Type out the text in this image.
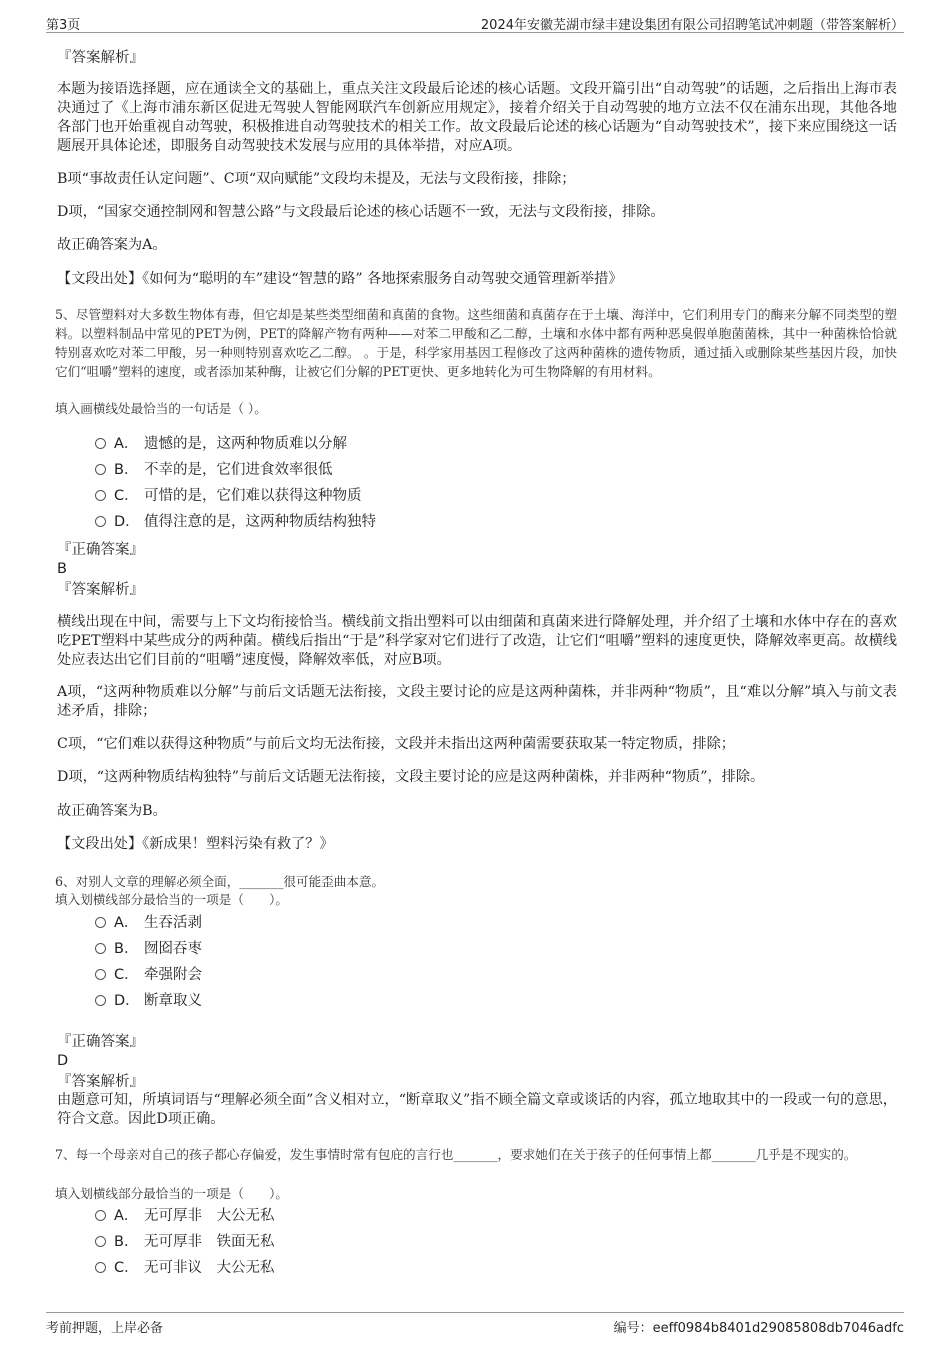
第3页	2024年安徽芜湖市绿丰建设集团有限公司招聘笔试冲刺题（带答案解析）
『答案解析』

本题为接语选择题，应在通读全文的基础上，重点关注文段最后论述的核心话题。文段开篇引出“自动驾驶”的话题，之后指出上海市表决通过了《上海市浦东新区促进无驾驶人智能网联汽车创新应用规定》，接着介绍关于自动驾驶的地方立法不仅在浦东出现，其他各地各部门也开始重视自动驾驶，积极推进自动驾驶技术的相关工作。故文段最后论述的核心话题为“自动驾驶技术”，接下来应围绕这一话题展开具体论述，即服务自动驾驶技术发展与应用的具体举措，对应A项。

B项“事故责任认定问题”、C项“双向赋能”文段均未提及，无法与文段衔接，排除；

D项，“国家交通控制网和智慧公路”与文段最后论述的核心话题不一致，无法与文段衔接，排除。

故正确答案为A。

【文段出处】《如何为“聪明的车”建设“智慧的路” 各地探索服务自动驾驶交通管理新举措》

5、尽管塑料对大多数生物体有毒，但它却是某些类型细菌和真菌的食物。这些细菌和真菌存在于土壤、海洋中，它们利用专门的酶来分解不同类型的塑料。以塑料制品中常见的PET为例，PET的降解产物有两种——对苯二甲酸和乙二醇，土壤和水体中都有两种恶臭假单胞菌菌株，其中一种菌株恰恰就特别喜欢吃对苯二甲酸，另一种则特别喜欢吃乙二醇。 。于是，科学家用基因工程修改了这两种菌株的遗传物质，通过插入或删除某些基因片段，加快它们“咀嚼”塑料的速度，或者添加某种酶，让被它们分解的PET更快、更多地转化为可生物降解的有用材料。

填入画横线处最恰当的一句话是（ ）。

A． 遗憾的是，这两种物质难以分解
B． 不幸的是，它们进食效率很低
C． 可惜的是，它们难以获得这种物质
D． 值得注意的是，这两种物质结构独特
『正确答案』
B
『答案解析』

横线出现在中间，需要与上下文均衔接恰当。横线前文指出塑料可以由细菌和真菌来进行降解处理，并介绍了土壤和水体中存在的喜欢吃PET塑料中某些成分的两种菌。横线后指出“于是”科学家对它们进行了改造，让它们“咀嚼”塑料的速度更快，降解效率更高。故横线处应表达出它们目前的“咀嚼”速度慢，降解效率低，对应B项。

A项，“这两种物质难以分解”与前后文话题无法衔接，文段主要讨论的应是这两种菌株，并非两种“物质”，且“难以分解”填入与前文表述矛盾，排除；

C项，“它们难以获得这种物质”与前后文均无法衔接，文段并未指出这两种菌需要获取某一特定物质，排除；

D项，“这两种物质结构独特”与前后文话题无法衔接，文段主要讨论的应是这两种菌株，并非两种“物质”，排除。

故正确答案为B。

【文段出处】《新成果！塑料污染有救了？》

6、对别人文章的理解必须全面，_______很可能歪曲本意。

填入划横线部分最恰当的一项是（　　）。

A． 生吞活剥
B． 囫囵吞枣
C． 牵强附会
D． 断章取义
『正确答案』
D
『答案解析』

由题意可知，所填词语与“理解必须全面”含义相对立，“断章取义”指不顾全篇文章或谈话的内容，孤立地取其中的一段或一句的意思，符合文意。因此D项正确。

7、每一个母亲对自己的孩子都心存偏爱，发生事情时常有包庇的言行也_______，要求她们在关于孩子的任何事情上都_______几乎是不现实的。

填入划横线部分最恰当的一项是（　　）。

A． 无可厚非　大公无私
B． 无可厚非　铁面无私
C． 无可非议　大公无私
考前押题，上岸必备	编号：eeff0984b8401d29085808db7046adfc
